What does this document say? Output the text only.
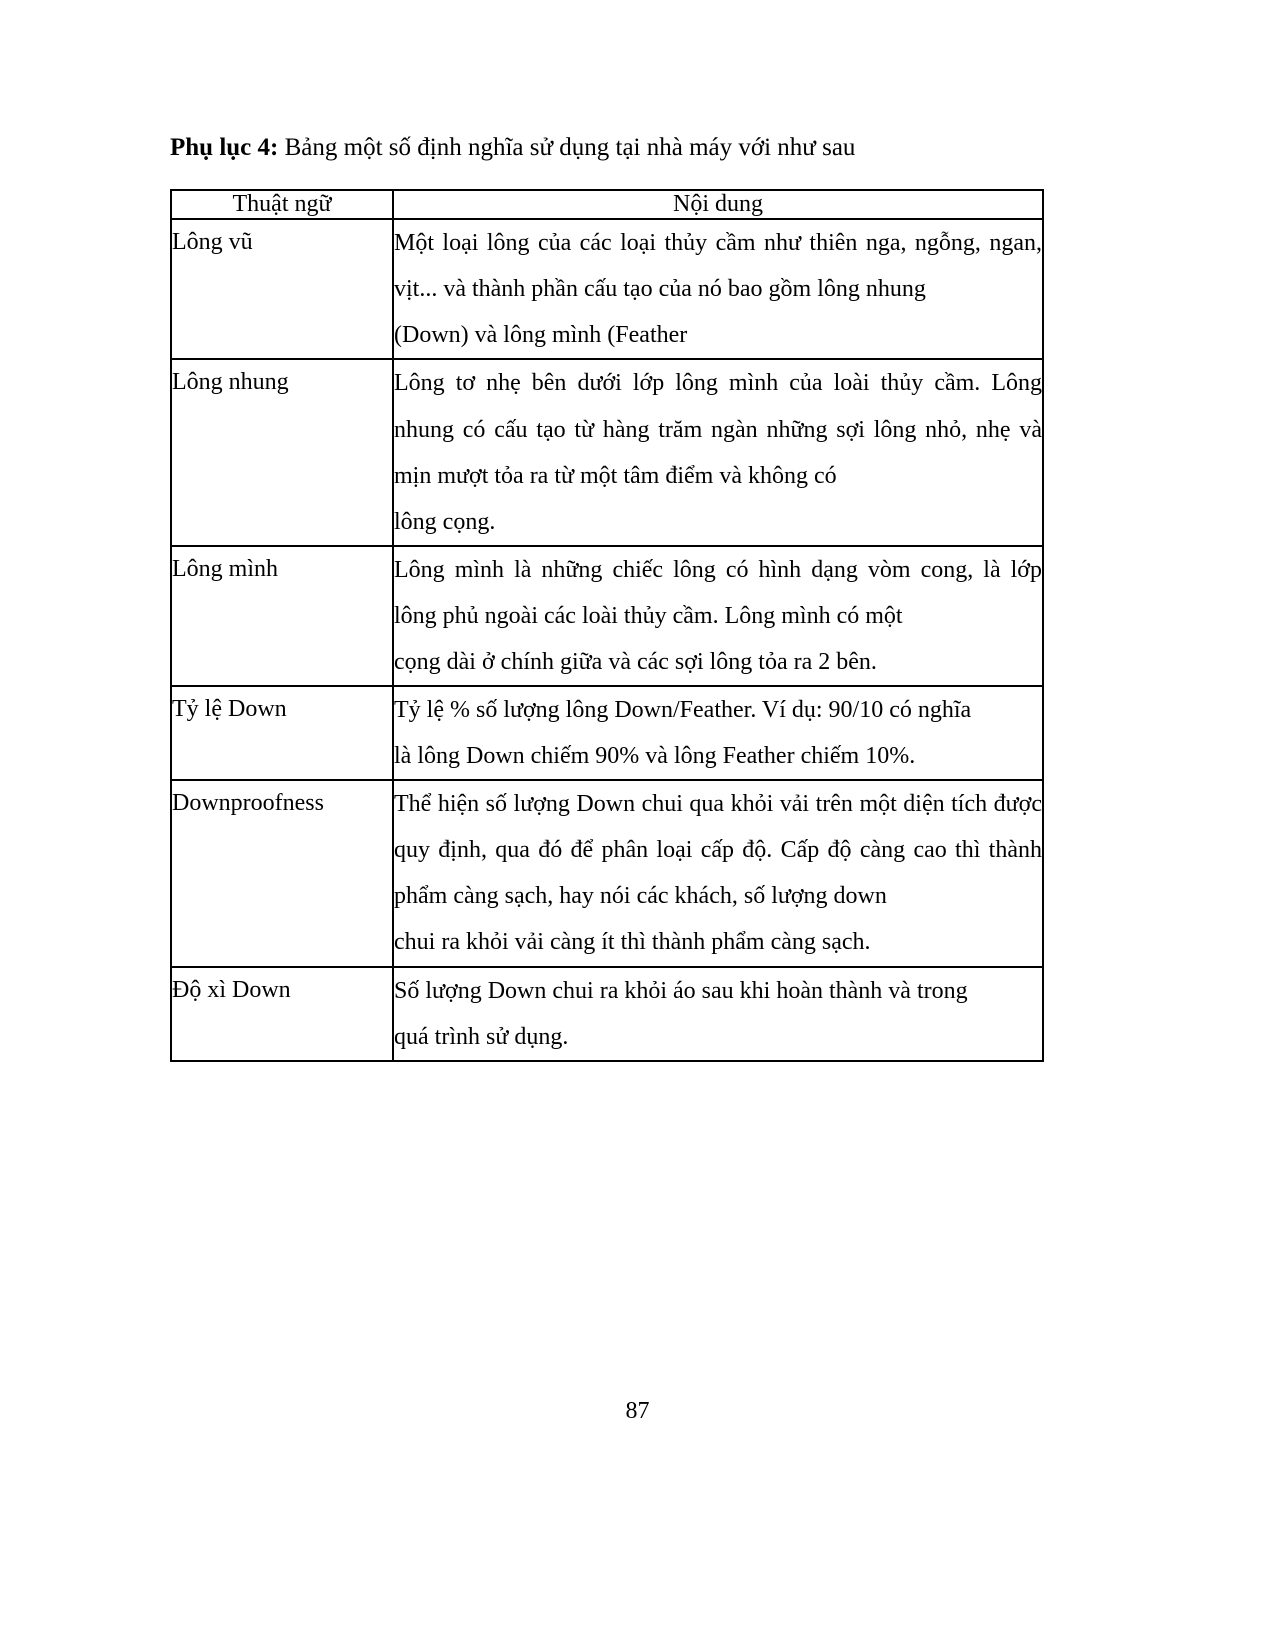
Phụ lục 4: Bảng một số định nghĩa sử dụng tại nhà máy với như sau
Thuật ngữ	Nội dung
Lông vũ	Một loại lông của các loại thủy cầm như thiên nga, ngỗng, ngan, vịt... và thành phần cấu tạo của nó bao gồm lông nhung

(Down) và lông mình (Feather

Lông nhung	Lông tơ nhẹ bên dưới lớp lông mình của loài thủy cầm. Lông nhung có cấu tạo từ hàng trăm ngàn những sợi lông nhỏ, nhẹ và mịn mượt tỏa ra từ một tâm điểm và không có

lông cọng.

Lông mình	Lông mình là những chiếc lông có hình dạng vòm cong, là lớp lông phủ ngoài các loài thủy cầm. Lông mình có một

cọng dài ở chính giữa và các sợi lông tỏa ra 2 bên.

Tỷ lệ Down	Tỷ lệ % số lượng lông Down/Feather. Ví dụ: 90/10 có nghĩa

là lông Down chiếm 90% và lông Feather chiếm 10%.

Downproofness	Thể hiện số lượng Down chui qua khỏi vải trên một diện tích được quy định, qua đó để phân loại cấp độ. Cấp độ càng cao thì thành phẩm càng sạch, hay nói các khách, số lượng down

chui ra khỏi vải càng ít thì thành phẩm càng sạch.

Độ xì Down	Số lượng Down chui ra khỏi áo sau khi hoàn thành và trong

quá trình sử dụng.

87
